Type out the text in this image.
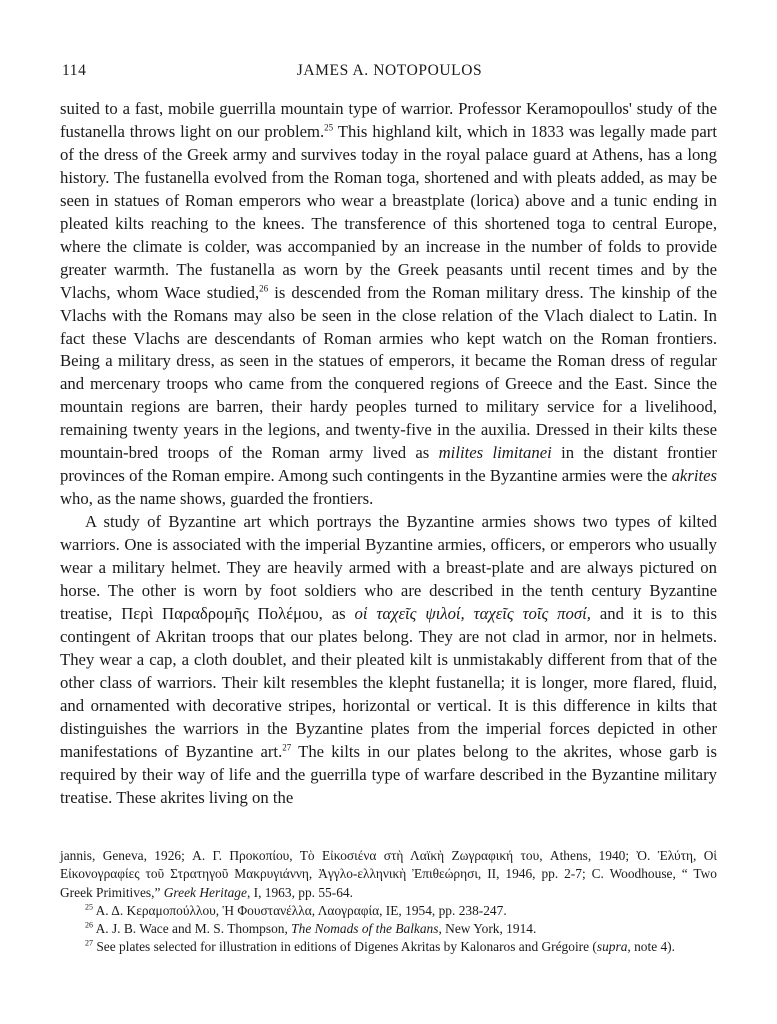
114	JAMES A. NOTOPOULOS

suited to a fast, mobile guerrilla mountain type of warrior. Professor Keramopoullos' study of the fustanella throws light on our problem.$^{25}$ This highland kilt, which in 1833 was legally made part of the dress of the Greek army and survives today in the royal palace guard at Athens, has a long history. The fustanella evolved from the Roman toga, shortened and with pleats added, as may be seen in statues of Roman emperors who wear a breastplate (lorica) above and a tunic ending in pleated kilts reaching to the knees. The transference of this shortened toga to central Europe, where the climate is colder, was accompanied by an increase in the number of folds to provide greater warmth. The fustanella as worn by the Greek peasants until recent times and by the Vlachs, whom Wace studied,$^{26}$ is descended from the Roman military dress. The kinship of the Vlachs with the Romans may also be seen in the close relation of the Vlach dialect to Latin. In fact these Vlachs are descendants of Roman armies who kept watch on the Roman frontiers. Being a military dress, as seen in the statues of emperors, it became the Roman dress of regular and mercenary troops who came from the conquered regions of Greece and the East. Since the mountain regions are barren, their hardy peoples turned to military service for a livelihood, remaining twenty years in the legions, and twenty-five in the auxilia. Dressed in their kilts these mountain-bred troops of the Roman army lived as milites limitanei in the distant frontier provinces of the Roman empire. Among such contingents in the Byzantine armies were the akrites who, as the name shows, guarded the frontiers.

A study of Byzantine art which portrays the Byzantine armies shows two types of kilted warriors. One is associated with the imperial Byzantine armies, officers, or emperors who usually wear a military helmet. They are heavily armed with a breast-plate and are always pictured on horse. The other is worn by foot soldiers who are described in the tenth century Byzantine treatise, Περὶ Παραδρομῆς Πολέμου, as οἱ ταχεῖς ψιλοί, ταχεῖς τοῖς ποσί, and it is to this contingent of Akritan troops that our plates belong. They are not clad in armor, nor in helmets. They wear a cap, a cloth doublet, and their pleated kilt is unmistakably different from that of the other class of warriors. Their kilt resembles the klepht fustanella; it is longer, more flared, fluid, and ornamented with decorative stripes, horizontal or vertical. It is this difference in kilts that distinguishes the warriors in the Byzantine plates from the imperial forces depicted in other manifestations of Byzantine art.$^{27}$ The kilts in our plates belong to the akrites, whose garb is required by their way of life and the guerrilla type of warfare described in the Byzantine military treatise. These akrites living on the

jannis, Geneva, 1926; Α. Γ. Προκοπίου, Τὸ Εἰκοσιένα στὴ Λαϊκὴ Ζωγραφική του, Athens, 1940; Ὀ. Ἐλύτη, Οἱ Εἰκονογραφίες τοῦ Στρατηγοῦ Μακρυγιάννη, Ἀγγλο-ελληνικὴ Ἐπιθεώρησι, II, 1946, pp. 2-7; C. Woodhouse, “ Two Greek Primitives,” Greek Heritage, I, 1963, pp. 55-64.

$^{25}$ Α. Δ. Κεραμοπούλλου, Ἡ Φουστανέλλα, Λαογραφία, ΙΕ, 1954, pp. 238-247.

$^{26}$ A. J. B. Wace and M. S. Thompson, The Nomads of the Balkans, New York, 1914.

$^{27}$ See plates selected for illustration in editions of Digenes Akritas by Kalonaros and Grégoire (supra, note 4).
